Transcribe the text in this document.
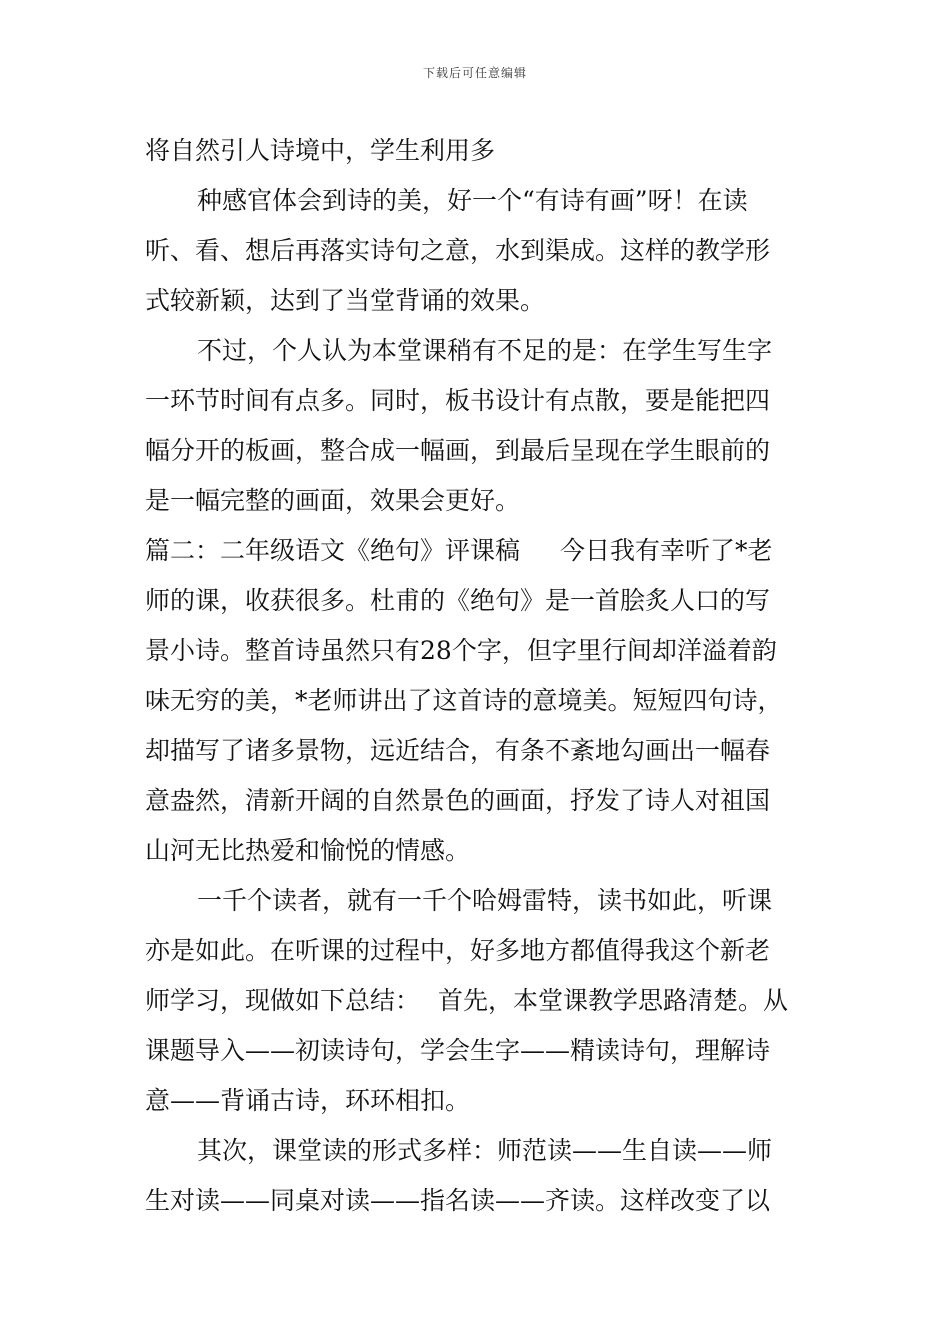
下载后可任意编辑
将自然引人诗境中，学生利用多
种感官体会到诗的美，好一个“有诗有画”呀！在读
听、看、想后再落实诗句之意，水到渠成。这样的教学形
式较新颖，达到了当堂背诵的效果。
不过，个人认为本堂课稍有不足的是：在学生写生字
一环节时间有点多。同时，板书设计有点散，要是能把四
幅分开的板画，整合成一幅画，到最后呈现在学生眼前的
是一幅完整的画面，效果会更好。
篇二：二年级语文《绝句》评课稿 今日我有幸听了*老
师的课，收获很多。杜甫的《绝句》是一首脍炙人口的写
景小诗。整首诗虽然只有28个字，但字里行间却洋溢着韵
味无穷的美，*老师讲出了这首诗的意境美。短短四句诗，
却描写了诸多景物，远近结合，有条不紊地勾画出一幅春
意盎然，清新开阔的自然景色的画面，抒发了诗人对祖国
山河无比热爱和愉悦的情感。
一千个读者，就有一千个哈姆雷特，读书如此，听课
亦是如此。在听课的过程中，好多地方都值得我这个新老
师学习，现做如下总结： 首先，本堂课教学思路清楚。从
课题导入——初读诗句，学会生字——精读诗句，理解诗
意——背诵古诗，环环相扣。
其次，课堂读的形式多样：师范读——生自读——师
生对读——同桌对读——指名读——齐读。这样改变了以
